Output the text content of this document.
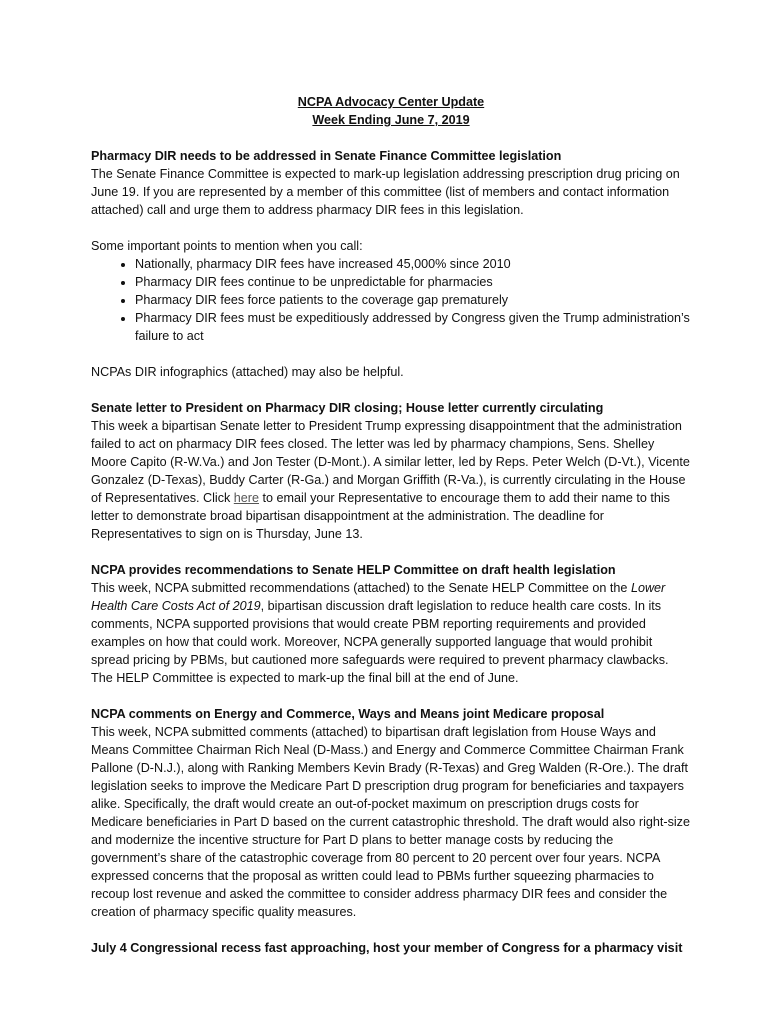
NCPA Advocacy Center Update

Week Ending June 7, 2019

Pharmacy DIR needs to be addressed in Senate Finance Committee legislation

The Senate Finance Committee is expected to mark-up legislation addressing prescription drug pricing on June 19. If you are represented by a member of this committee (list of members and contact information attached) call and urge them to address pharmacy DIR fees in this legislation.

Some important points to mention when you call:

• Nationally, pharmacy DIR fees have increased 45,000% since 2010
• Pharmacy DIR fees continue to be unpredictable for pharmacies
• Pharmacy DIR fees force patients to the coverage gap prematurely
• Pharmacy DIR fees must be expeditiously addressed by Congress given the Trump administration’s failure to act

NCPAs DIR infographics (attached) may also be helpful.

Senate letter to President on Pharmacy DIR closing; House letter currently circulating

This week a bipartisan Senate letter to President Trump expressing disappointment that the administration failed to act on pharmacy DIR fees closed. The letter was led by pharmacy champions, Sens. Shelley Moore Capito (R-W.Va.) and Jon Tester (D-Mont.). A similar letter, led by Reps. Peter Welch (D-Vt.), Vicente Gonzalez (D-Texas), Buddy Carter (R-Ga.) and Morgan Griffith (R-Va.), is currently circulating in the House of Representatives. Click here to email your Representative to encourage them to add their name to this letter to demonstrate broad bipartisan disappointment at the administration. The deadline for Representatives to sign on is Thursday, June 13.

NCPA provides recommendations to Senate HELP Committee on draft health legislation

This week, NCPA submitted recommendations (attached) to the Senate HELP Committee on the Lower Health Care Costs Act of 2019, bipartisan discussion draft legislation to reduce health care costs. In its comments, NCPA supported provisions that would create PBM reporting requirements and provided examples on how that could work. Moreover, NCPA generally supported language that would prohibit spread pricing by PBMs, but cautioned more safeguards were required to prevent pharmacy clawbacks. The HELP Committee is expected to mark-up the final bill at the end of June.

NCPA comments on Energy and Commerce, Ways and Means joint Medicare proposal

This week, NCPA submitted comments (attached) to bipartisan draft legislation from House Ways and Means Committee Chairman Rich Neal (D-Mass.) and Energy and Commerce Committee Chairman Frank Pallone (D-N.J.), along with Ranking Members Kevin Brady (R-Texas) and Greg Walden (R-Ore.). The draft legislation seeks to improve the Medicare Part D prescription drug program for beneficiaries and taxpayers alike. Specifically, the draft would create an out-of-pocket maximum on prescription drugs costs for Medicare beneficiaries in Part D based on the current catastrophic threshold. The draft would also right-size and modernize the incentive structure for Part D plans to better manage costs by reducing the government’s share of the catastrophic coverage from 80 percent to 20 percent over four years. NCPA expressed concerns that the proposal as written could lead to PBMs further squeezing pharmacies to recoup lost revenue and asked the committee to consider address pharmacy DIR fees and consider the creation of pharmacy specific quality measures.

July 4 Congressional recess fast approaching, host your member of Congress for a pharmacy visit
